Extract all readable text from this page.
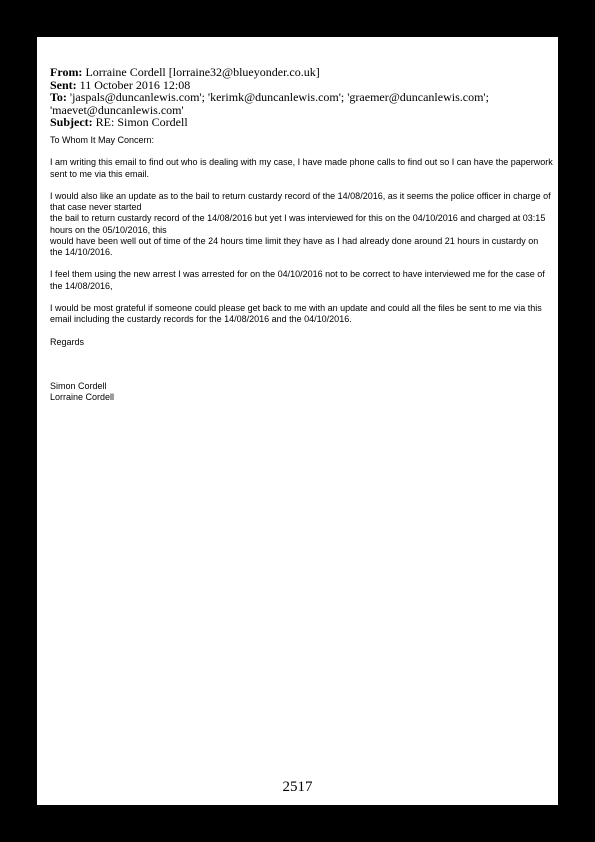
From: Lorraine Cordell [lorraine32@blueyonder.co.uk]
Sent: 11 October 2016 12:08
To: 'jaspals@duncanlewis.com'; 'kerimk@duncanlewis.com'; 'graemer@duncanlewis.com';
'maevet@duncanlewis.com'
Subject: RE: Simon Cordell

To Whom It May Concern:

I am writing this email to find out who is dealing with my case, I have made phone calls to find out so I can have the paperwork sent to me via this email.

I would also like an update as to the bail to return custardy record of the 14/08/2016, as it seems the police officer in charge of that case never started
the bail to return custardy record of the 14/08/2016 but yet I was interviewed for this on the 04/10/2016 and charged at 03:15 hours on the 05/10/2016, this
would have been well out of time of the 24 hours time limit they have as I had already done around 21 hours in custardy on the 14/10/2016.

I feel them using the new arrest I was arrested for on the 04/10/2016 not to be correct to have interviewed me for the case of the 14/08/2016,

I would be most grateful if someone could please get back to me with an update and could all the files be sent to me via this email including the custardy records for the 14/08/2016 and the 04/10/2016.

Regards

Simon Cordell
Lorraine Cordell
2517
